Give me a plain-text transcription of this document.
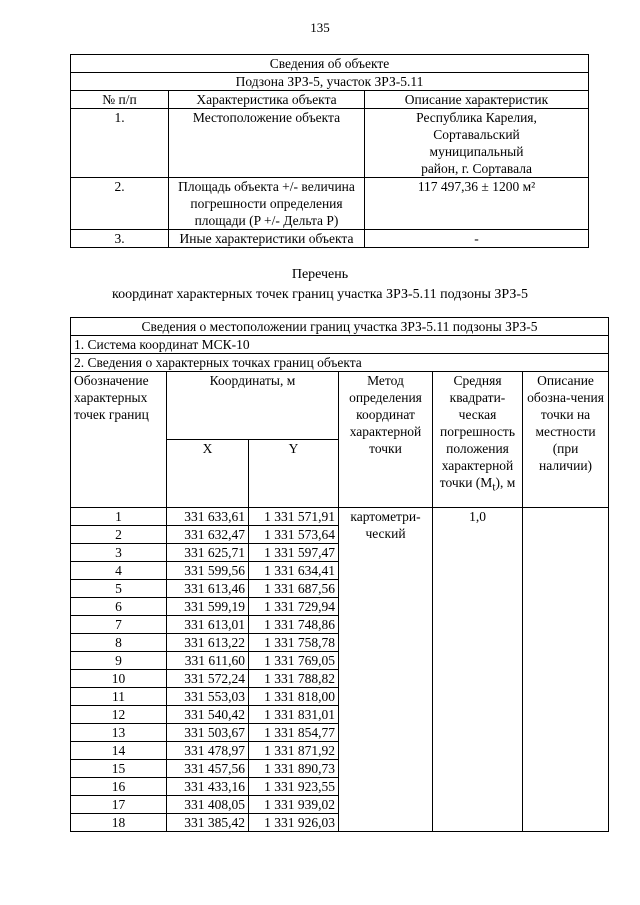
135
Сведения об объекте		
Подзона ЗРЗ-5, участок ЗРЗ-5.11		
№ п/п	Характеристика объекта	Описание характеристик
1.	Местоположение объекта	Республика Карелия,
Сортавальский
муниципальный
район, г. Сортавала

2.	Площадь объекта +/- величина погрешности определения площади (P +/- Дельта P)	117 497,36 ± 1200 м²
3.	Иные характеристики объекта	-
Перечень
координат характерных точек границ участка ЗРЗ-5.11 подзоны ЗРЗ-5
Сведения о местоположении границ участка ЗРЗ-5.11 подзоны ЗРЗ-5					
1. Система координат МСК-10					
2. Сведения о характерных точках границ объекта					
Обозначение характерных точек границ	Координаты, м		Метод определения координат характерной точки	Средняя квадрати-ческая погрешность положения характерной точки $(M_t)$, м	Описание обозна-чения точки на местности (при наличии)
	X	Y			
1	331 633,61	1 331 571,91	картометри-ческий	1,0	
2	331 632,47	1 331 573,64			
3	331 625,71	1 331 597,47			
4	331 599,56	1 331 634,41			
5	331 613,46	1 331 687,56			
6	331 599,19	1 331 729,94			
7	331 613,01	1 331 748,86			
8	331 613,22	1 331 758,78			
9	331 611,60	1 331 769,05			
10	331 572,24	1 331 788,82			
11	331 553,03	1 331 818,00			
12	331 540,42	1 331 831,01			
13	331 503,67	1 331 854,77			
14	331 478,97	1 331 871,92			
15	331 457,56	1 331 890,73			
16	331 433,16	1 331 923,55			
17	331 408,05	1 331 939,02			
18	331 385,42	1 331 926,03			
